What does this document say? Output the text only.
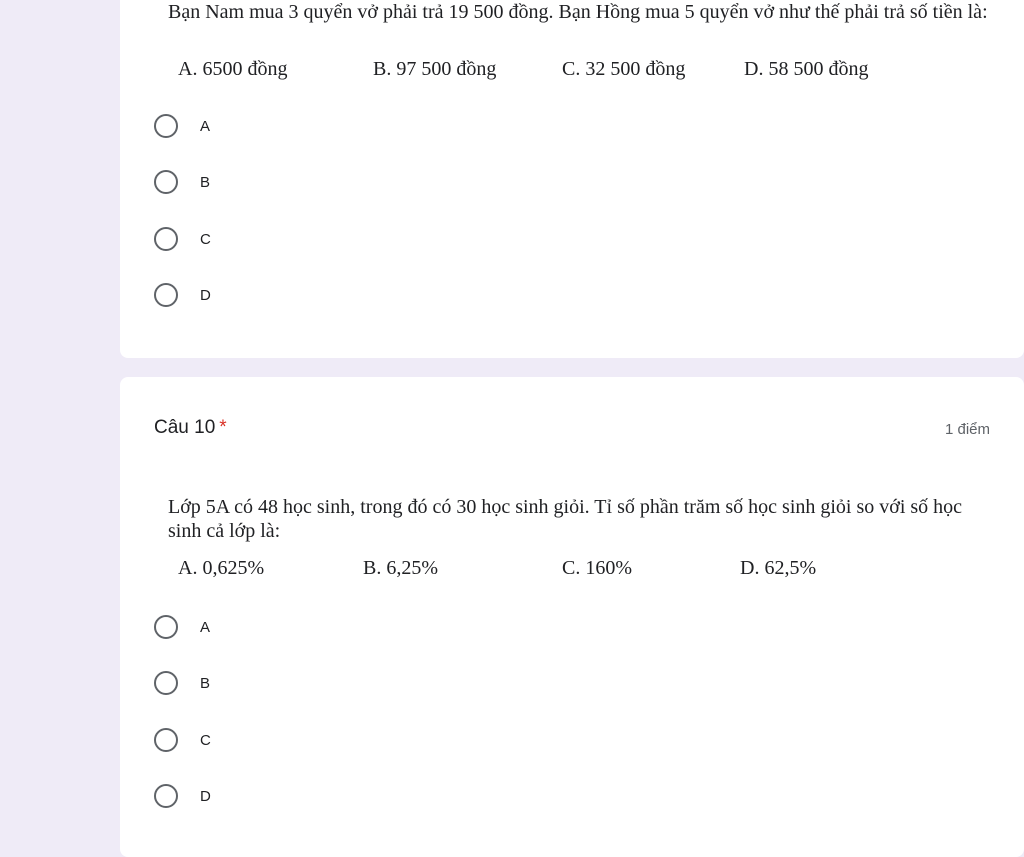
Bạn Nam mua 3 quyển vở phải trả 19 500 đồng. Bạn Hồng mua 5 quyển vở như thế phải trả số tiền là:
A. 6500 đồng	B. 97 500 đồng	C. 32 500 đồng	D. 58 500 đồng
A
B
C
D
Câu 10 *	1 điểm
Lớp 5A có 48 học sinh, trong đó có 30 học sinh giỏi. Tỉ số phần trăm số học sinh giỏi so với số học sinh cả lớp là:
A. 0,625%	B. 6,25%	C. 160%	D. 62,5%
A
B
C
D
